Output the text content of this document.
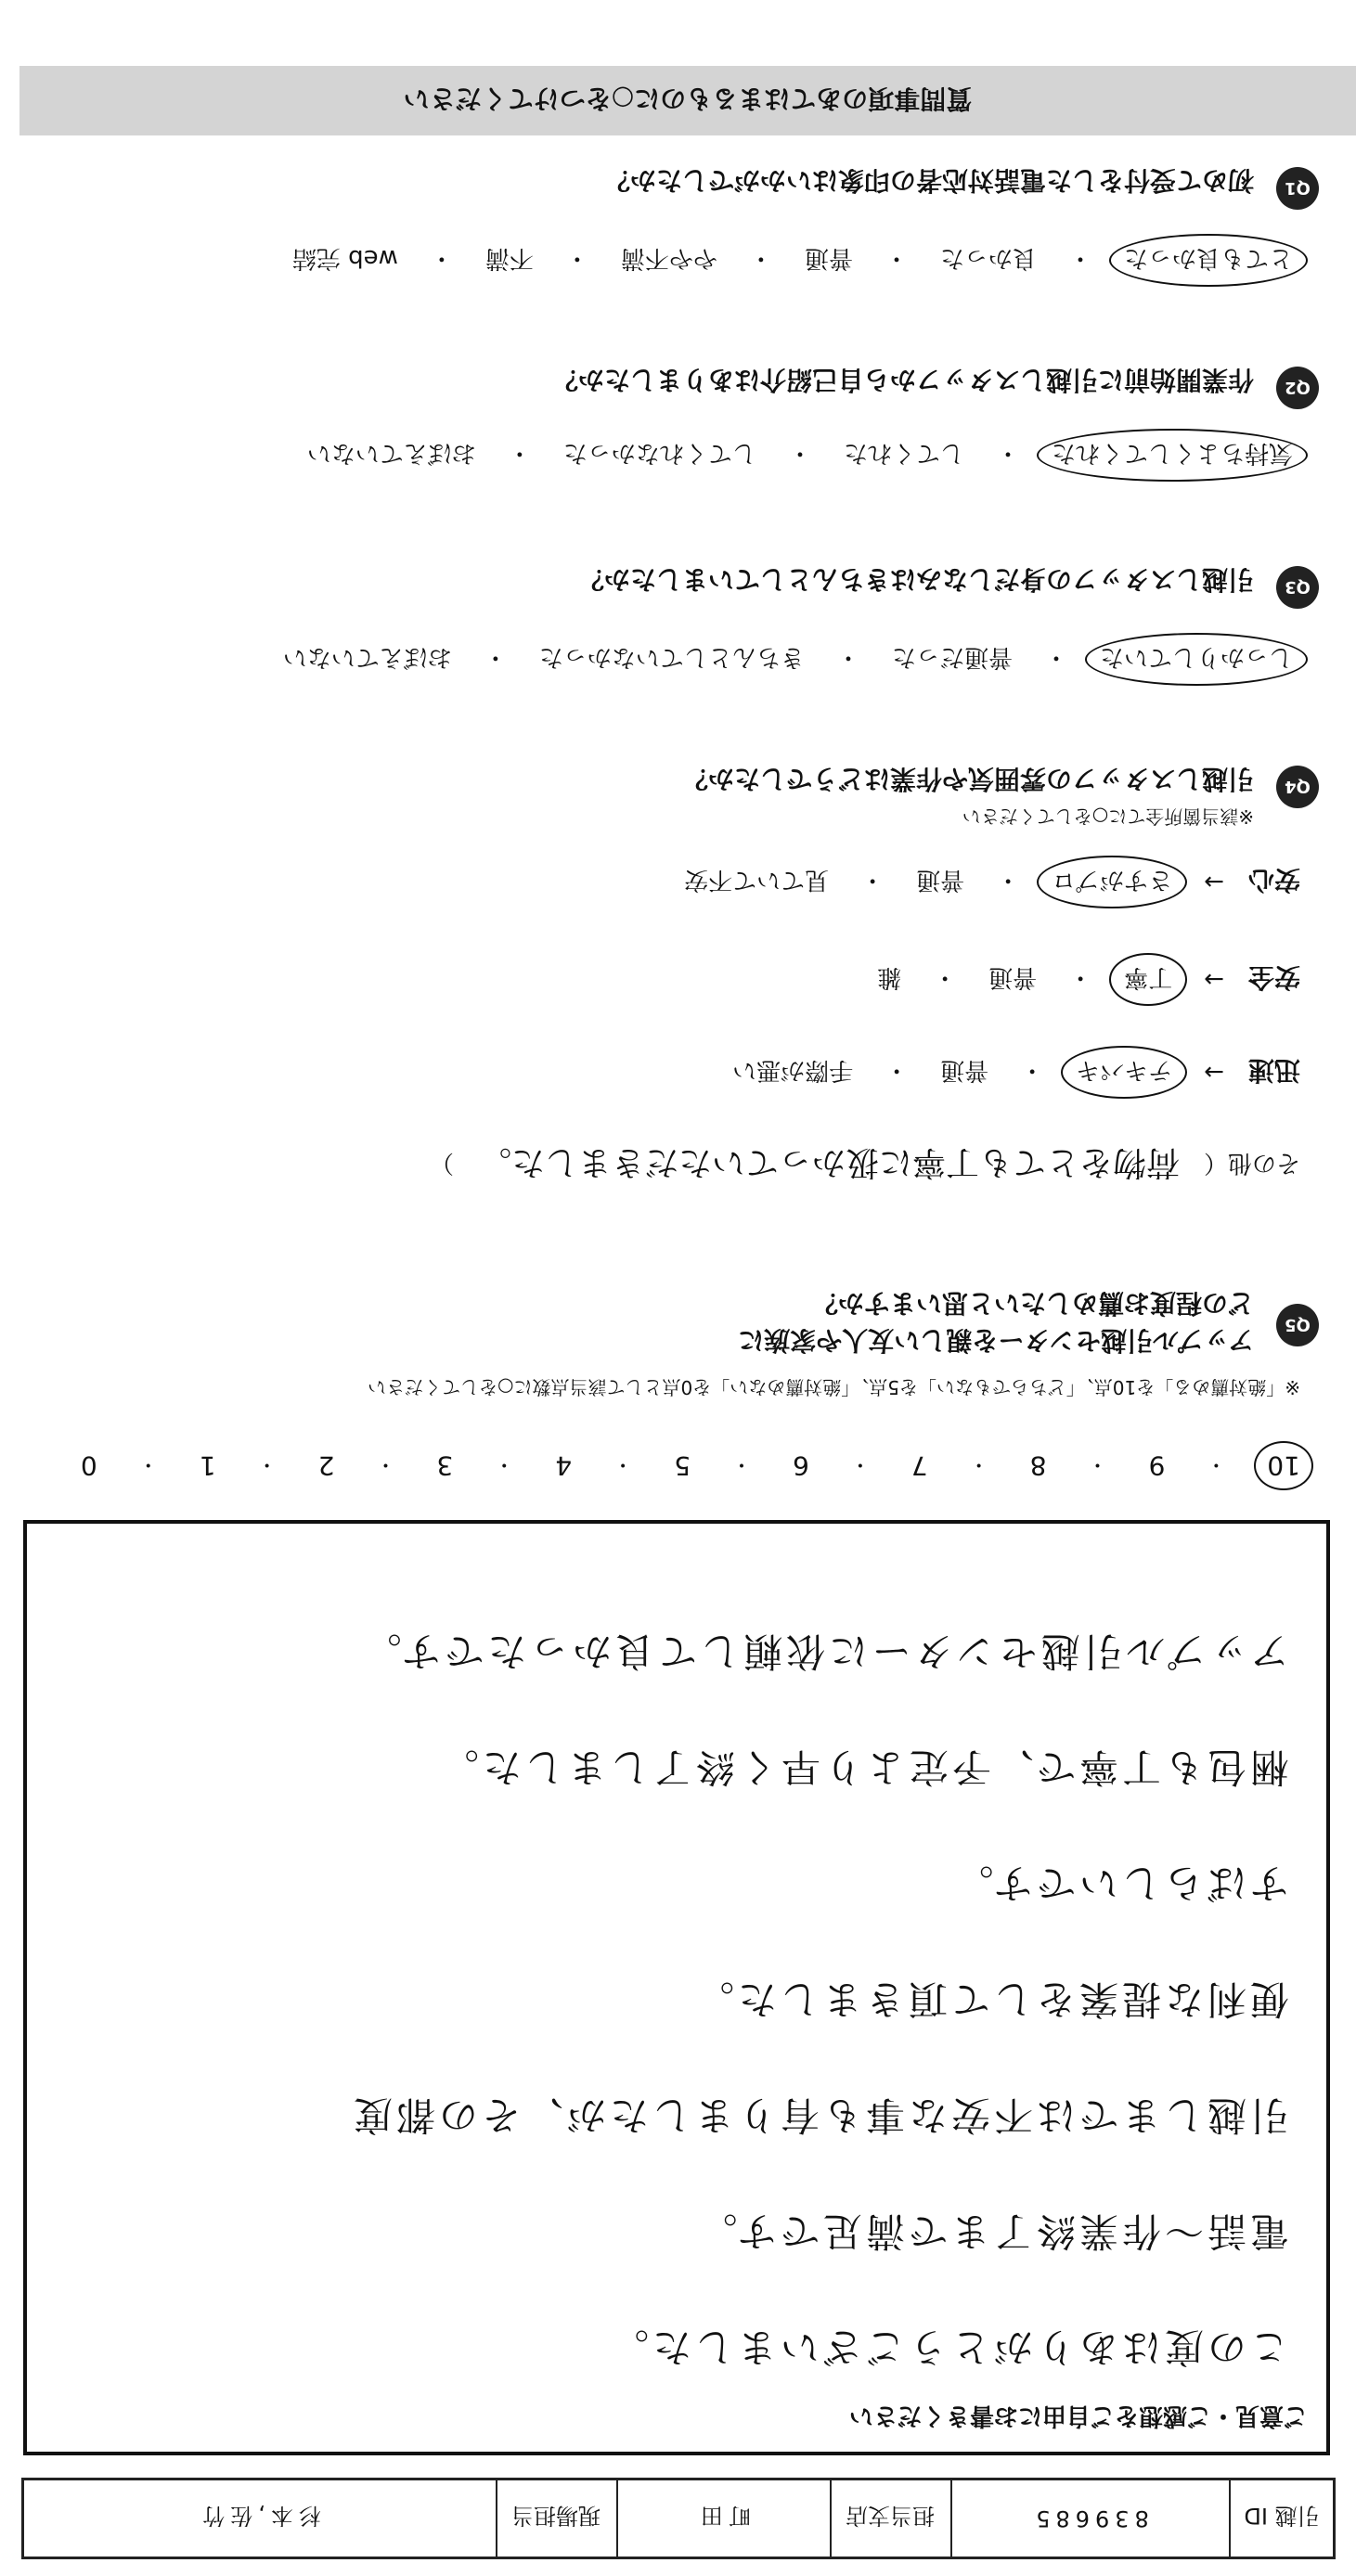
引越 ID
839685
担当支店
町田
現場担当
杉本,佐竹
ご意見・ご感想をご自由にお書きください
この度はありがとうございました。
電話〜作業終了まで満足です。
引越しまでは不安な事も有りましたが、その都度
便利な提案をして頂きました。
すばらしいです。
梱包も丁寧で、予定より早く終了しました。
アップル引越センターに依頼して良かったです。
10
・
9
・
8
・
7
・
6
・
5
・
4
・
3
・
2
・
1
・
0
※「絶対薦める」を10点、「どちらでもない」を5点、「絶対薦めない」を0点として該当点数に○をしてください
アップル引越センターを親しい友人や家族に
どの程度お薦めしたいと思いますか？
Q5
その他（
荷物をとても丁寧に扱かっていただきました。
）
迅速
→
テキパキ
・
普通
・
手際が悪い
安全
→
丁寧
・
普通
・
雑
安心
→
さすがプロ
・
普通
・
見ていて不安
※該当箇所全てに○をしてください
引越しスタッフの雰囲気や作業はどうでしたか？	Q4
しっかりしていた
・
普通だった
・
きちんとしていなかった
・
おぼえていない
引越しスタッフの身だしなみはきちんとしていましたか？	Q3
気持ちよくしてくれた
・
してくれた
・
してくれなかった
・
おぼえていない
作業開始前に引越しスタッフから自己紹介はありましたか？	Q2
とても良かった
・
良かった
・
普通
・
やや不満
・
不満
・
web 完結
初めて受付をした電話対応者の印象はいかがでしたか？	Q1
質問事項のあてはまるものに○をつけてください
